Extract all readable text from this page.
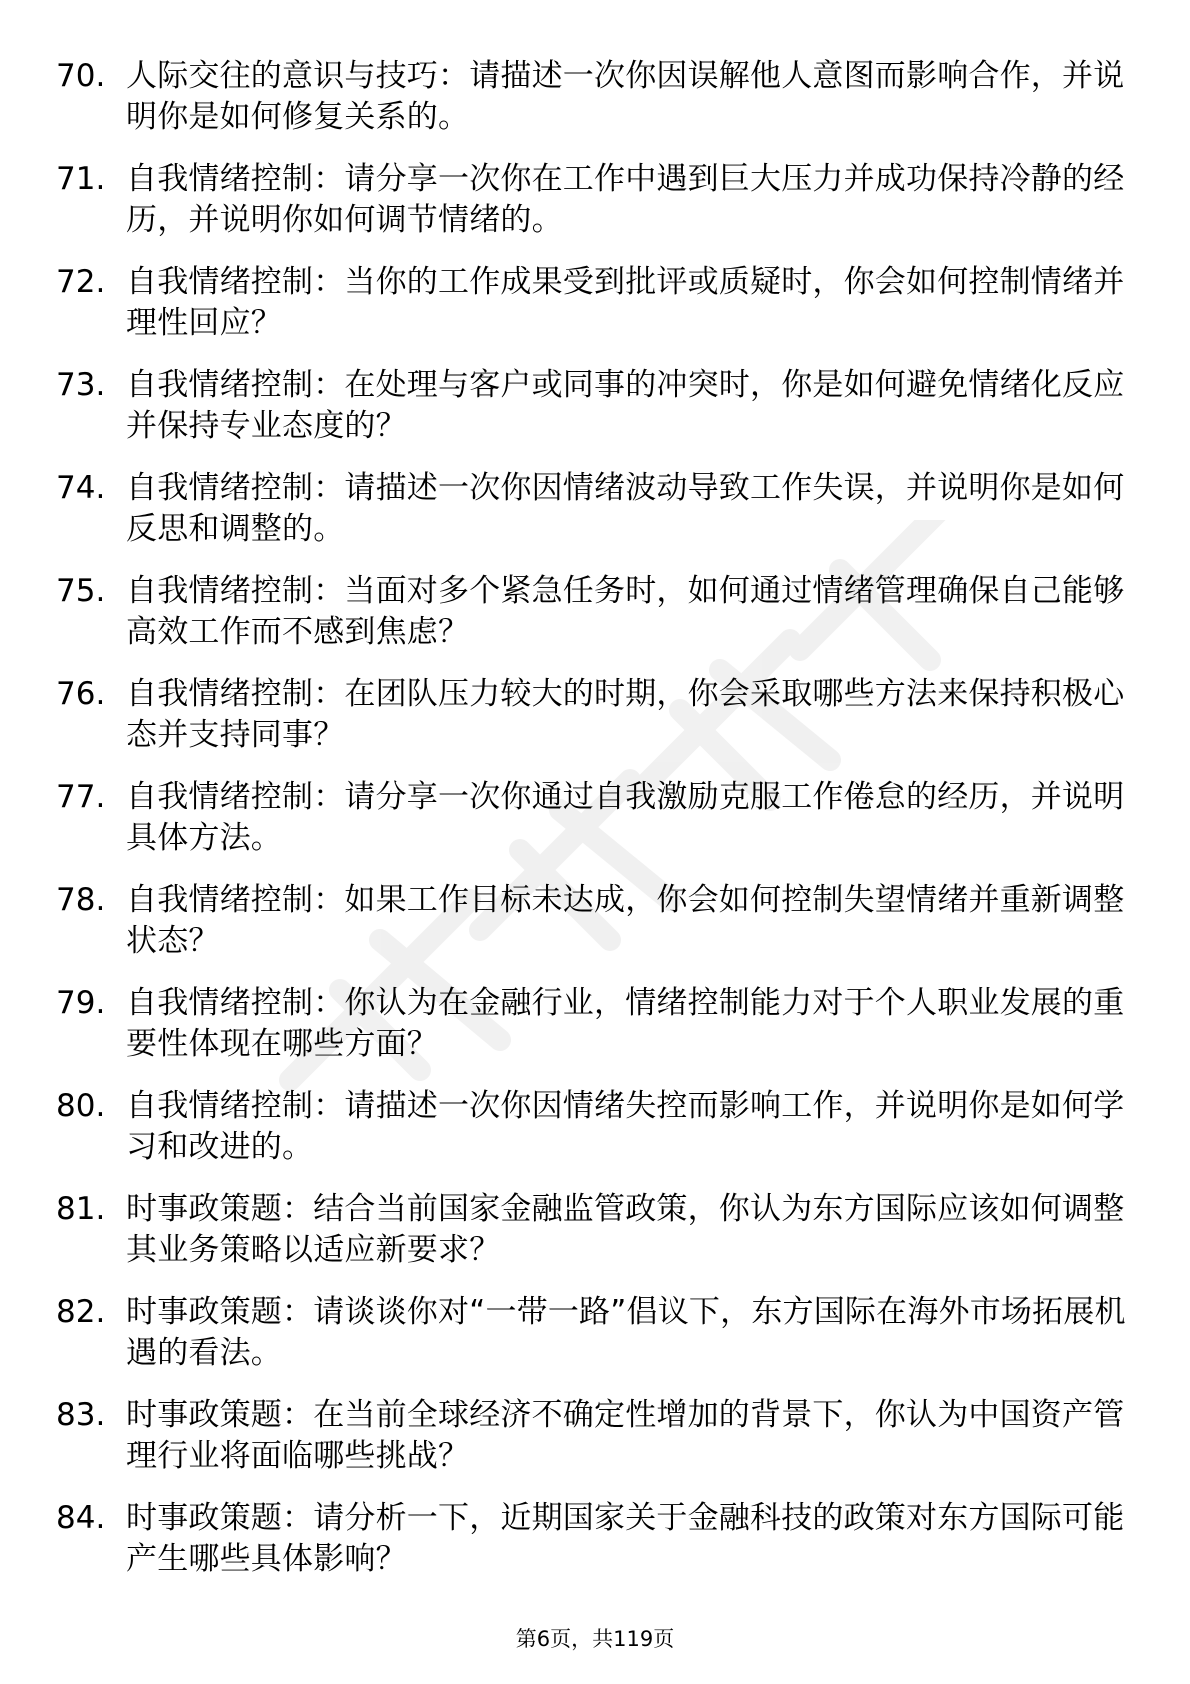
70. 人际交往的意识与技巧：请描述一次你因误解他人意图而影响合作，并说明你是如何修复关系的。
71. 自我情绪控制：请分享一次你在工作中遇到巨大压力并成功保持冷静的经历，并说明你如何调节情绪的。
72. 自我情绪控制：当你的工作成果受到批评或质疑时，你会如何控制情绪并理性回应？
73. 自我情绪控制：在处理与客户或同事的冲突时，你是如何避免情绪化反应并保持专业态度的？
74. 自我情绪控制：请描述一次你因情绪波动导致工作失误，并说明你是如何反思和调整的。
75. 自我情绪控制：当面对多个紧急任务时，如何通过情绪管理确保自己能够高效工作而不感到焦虑？
76. 自我情绪控制：在团队压力较大的时期，你会采取哪些方法来保持积极心态并支持同事？
77. 自我情绪控制：请分享一次你通过自我激励克服工作倦怠的经历，并说明具体方法。
78. 自我情绪控制：如果工作目标未达成，你会如何控制失望情绪并重新调整状态？
79. 自我情绪控制：你认为在金融行业，情绪控制能力对于个人职业发展的重要性体现在哪些方面？
80. 自我情绪控制：请描述一次你因情绪失控而影响工作，并说明你是如何学习和改进的。
81. 时事政策题：结合当前国家金融监管政策，你认为东方国际应该如何调整其业务策略以适应新要求？
82. 时事政策题：请谈谈你对“一带一路”倡议下，东方国际在海外市场拓展机遇的看法。
83. 时事政策题：在当前全球经济不确定性增加的背景下，你认为中国资产管理行业将面临哪些挑战？
84. 时事政策题：请分析一下，近期国家关于金融科技的政策对东方国际可能产生哪些具体影响？
第6页，共119页
